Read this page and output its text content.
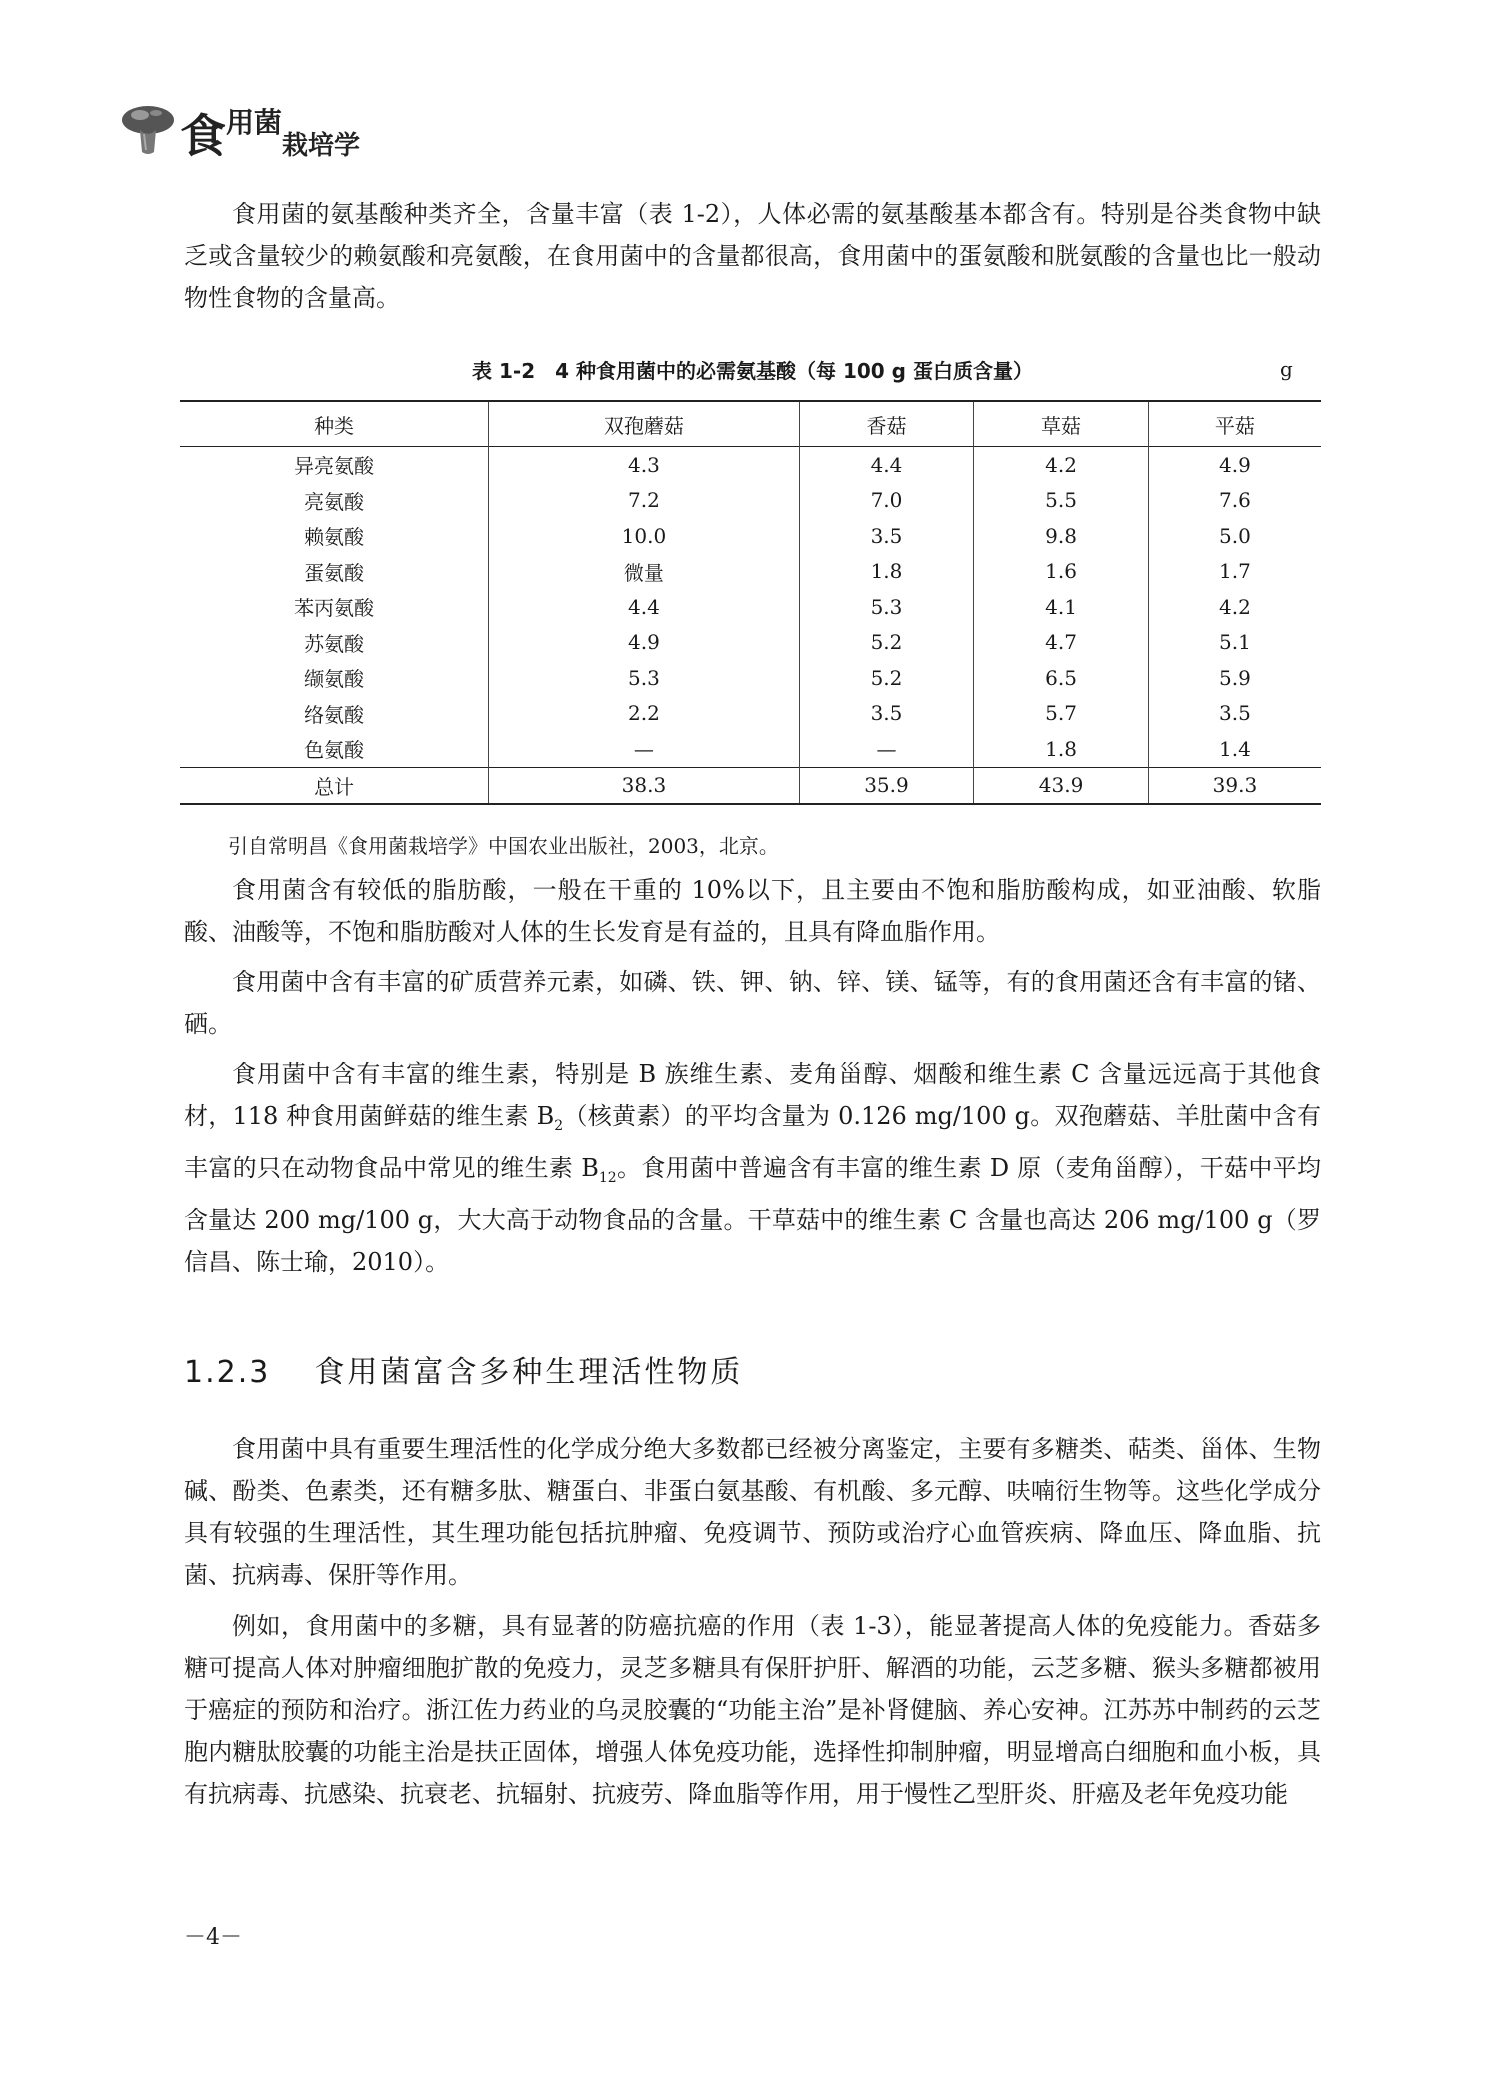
食用菌栽培学

食用菌的氨基酸种类齐全，含量丰富（表 1-2），人体必需的氨基酸基本都含有。特别是谷类食物中缺乏或含量较少的赖氨酸和亮氨酸，在食用菌中的含量都很高，食用菌中的蛋氨酸和胱氨酸的含量也比一般动物性食物的含量高。

表 1-2　4 种食用菌中的必需氨基酸（每 100 g 蛋白质含量）	g
种类	双孢蘑菇	香菇	草菇	平菇
异亮氨酸	4.3	4.4	4.2	4.9
亮氨酸	7.2	7.0	5.5	7.6
赖氨酸	10.0	3.5	9.8	5.0
蛋氨酸	微量	1.8	1.6	1.7
苯丙氨酸	4.4	5.3	4.1	4.2
苏氨酸	4.9	5.2	4.7	5.1
缬氨酸	5.3	5.2	6.5	5.9
络氨酸	2.2	3.5	5.7	3.5
色氨酸	—	—	1.8	1.4
总计	38.3	35.9	43.9	39.3
引自常明昌《食用菌栽培学》中国农业出版社，2003，北京。

食用菌含有较低的脂肪酸，一般在干重的 10%以下，且主要由不饱和脂肪酸构成，如亚油酸、软脂酸、油酸等，不饱和脂肪酸对人体的生长发育是有益的，且具有降血脂作用。

食用菌中含有丰富的矿质营养元素，如磷、铁、钾、钠、锌、镁、锰等，有的食用菌还含有丰富的锗、硒。

食用菌中含有丰富的维生素，特别是 B 族维生素、麦角甾醇、烟酸和维生素 C 含量远远高于其他食材，118 种食用菌鲜菇的维生素 $B_2$（核黄素）的平均含量为 0.126 mg/100 g。双孢蘑菇、羊肚菌中含有丰富的只在动物食品中常见的维生素 $B_{12}$。食用菌中普遍含有丰富的维生素 D 原（麦角甾醇），干菇中平均含量达 200 mg/100 g，大大高于动物食品的含量。干草菇中的维生素 C 含量也高达 206 mg/100 g（罗信昌、陈士瑜，2010）。

1.2.3 食用菌富含多种生理活性物质

食用菌中具有重要生理活性的化学成分绝大多数都已经被分离鉴定，主要有多糖类、萜类、甾体、生物碱、酚类、色素类，还有糖多肽、糖蛋白、非蛋白氨基酸、有机酸、多元醇、呋喃衍生物等。这些化学成分具有较强的生理活性，其生理功能包括抗肿瘤、免疫调节、预防或治疗心血管疾病、降血压、降血脂、抗菌、抗病毒、保肝等作用。

例如，食用菌中的多糖，具有显著的防癌抗癌的作用（表 1-3），能显著提高人体的免疫能力。香菇多糖可提高人体对肿瘤细胞扩散的免疫力，灵芝多糖具有保肝护肝、解酒的功能，云芝多糖、猴头多糖都被用于癌症的预防和治疗。浙江佐力药业的乌灵胶囊的“功能主治”是补肾健脑、养心安神。江苏苏中制药的云芝胞内糖肽胶囊的功能主治是扶正固体，增强人体免疫功能，选择性抑制肿瘤，明显增高白细胞和血小板，具有抗病毒、抗感染、抗衰老、抗辐射、抗疲劳、降血脂等作用，用于慢性乙型肝炎、肝癌及老年免疫功能

－4－
